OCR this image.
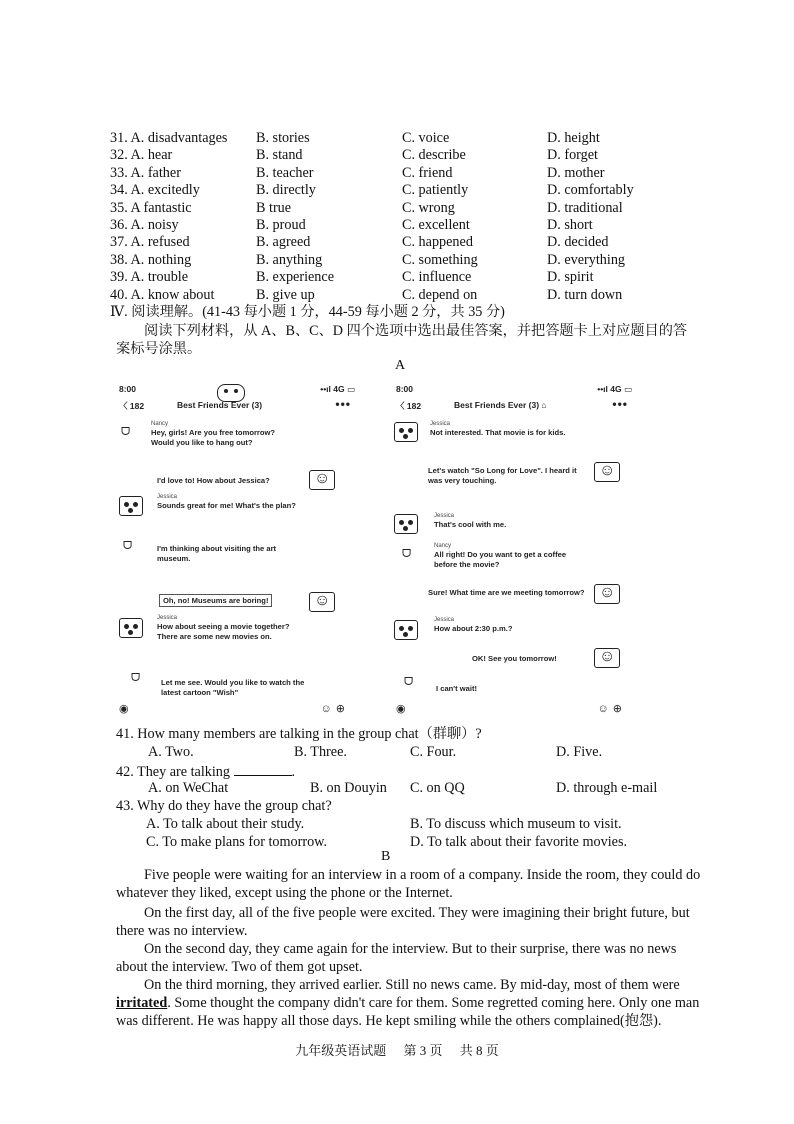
31. A. disadvantages	B. stories	C. voice	D. height
32. A. hear	B. stand	C. describe	D. forget
33. A. father	B. teacher	C. friend	D. mother
34. A. excitedly	B. directly	C. patiently	D. comfortably
35. A fantastic	B true	C. wrong	D. traditional
36. A. noisy	B. proud	C. excellent	D. short
37. A. refused	B. agreed	C. happened	D. decided
38. A. nothing	B. anything	C. something	D. everything
39. A. trouble	B. experience	C. influence	D. spirit
40. A. know about	B. give up	C. depend on	D. turn down
Ⅳ. 阅读理解。(41-43 每小题 1 分，44-59 每小题 2 分，共 35 分)
阅读下列材料，从 A、B、C、D 四个选项中选出最佳答案，并把答题卡上对应题目的答案标号涂黑。
A
8:00	••ıl 4G ▭
〈 182	Best Friends Ever (3)	•••
ᗜ
Nancy
Hey, girls! Are you free tomorrow? Would you like to hang out?
I'd love to! How about Jessica?
☺
Jessica
Sounds great for me! What's the plan?
ᗜ	I'm thinking about visiting the art museum.
Oh, no! Museums are boring!
☺
Jessica
How about seeing a movie together? There are some new movies on.
ᗜ	Let me see. Would you like to watch the latest cartoon "Wish"
◉	☺⊕
8:00	••ıl 4G ▭
〈 182	Best Friends Ever (3) ⌂	•••
Jessica
Not interested. That movie is for kids.
Let's watch "So Long for Love". I heard it was very touching.
☺
Jessica
That's cool with me.
ᗜ
Nancy
All right! Do you want to get a coffee before the movie?
Sure! What time are we meeting tomorrow?
☺
Jessica
How about 2:30 p.m.?
OK! See you tomorrow!
☺
ᗜ
I can't wait!
◉	☺⊕
41. How many members are talking in the group chat（群聊）?
A. Two.	B. Three.	C. Four.	D. Five.
42. They are talking	.
A. on WeChat	B. on Douyin	C. on QQ	D. through e-mail
43. Why do they have the group chat?
A. To talk about their study.	B. To discuss which museum to visit.
C. To make plans for tomorrow.	D. To talk about their favorite movies.
B
Five people were waiting for an interview in a room of a company. Inside the room, they could do whatever they liked, except using the phone or the Internet.
On the first day, all of the five people were excited. They were imagining their bright future, but there was no interview.
On the second day, they came again for the interview. But to their surprise, there was no news about the interview. Two of them got upset.
On the third morning, they arrived earlier. Still no news came. By mid-day, most of them were irritated. Some thought the company didn't care for them. Some regretted coming here. Only one man was different. He was happy all those days. He kept smiling while the others complained(抱怨).
九年级英语试题 第 3 页 共 8 页
